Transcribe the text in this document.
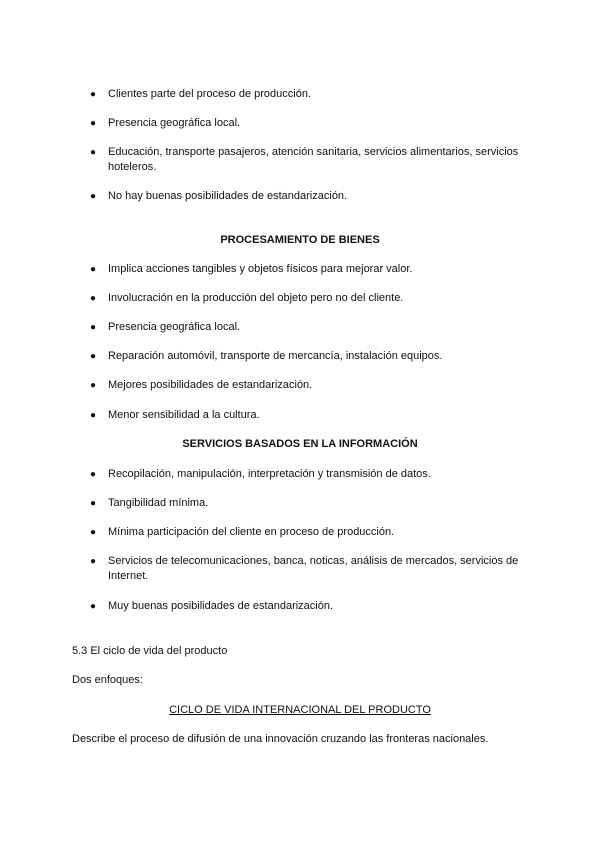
●	Clientes parte del proceso de producción.
●	Presencia geográfica local.
●	Educación, transporte pasajeros, atención sanitaria, servicios alimentarios, servicios hoteleros.
●	No hay buenas posibilidades de estandarización.
PROCESAMIENTO DE BIENES
●	Implica acciones tangibles y objetos físicos para mejorar valor.
●	Involucración en la producción del objeto pero no del cliente.
●	Presencia geográfica local.
●	Reparación automóvil, transporte de mercancía, instalación equipos.
●	Mejores posibilidades de estandarización.
●	Menor sensibilidad a la cultura.
SERVICIOS BASADOS EN LA INFORMACIÓN
●	Recopilación, manipulación, interpretación y transmisión de datos.
●	Tangibilidad mínima.
●	Mínima participación del cliente en proceso de producción.
●	Servicios de telecomunicaciones, banca, noticas, análisis de mercados, servicios de Internet.
●	Muy buenas posibilidades de estandarización.
5.3 El ciclo de vida del producto
Dos enfoques:
CICLO DE VIDA INTERNACIONAL DEL PRODUCTO
Describe el proceso de difusión de una innovación cruzando las fronteras nacionales.
